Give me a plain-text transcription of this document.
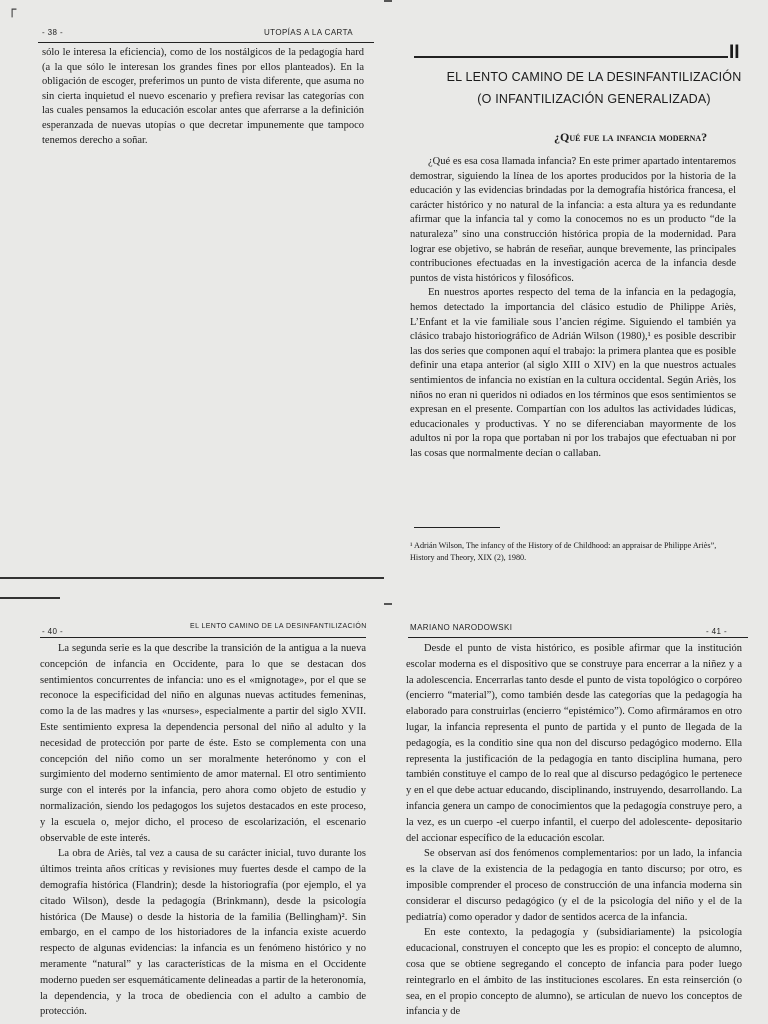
┌
- 38 -	UTOPÍAS A LA CARTA

sólo le interesa la eficiencia), como de los nostálgicos de la pedagogía hard (a la que sólo le interesan los grandes fines por ellos planteados). En la obligación de escoger, preferimos un punto de vista diferente, que asuma no sin cierta inquietud el nuevo escenario y prefiera revisar las categorías con las cuales pensamos la educación escolar antes que aferrarse a la definición esperanzada de nuevas utopías o que decretar impunemente que tampoco tenemos derecho a soñar.

II
EL LENTO CAMINO DE LA DESINFANTILIZACIÓN
(O INFANTILIZACIÓN GENERALIZADA)
¿Qué fue la infancia moderna?

¿Qué es esa cosa llamada infancia? En este primer apartado intentaremos demostrar, siguiendo la línea de los aportes producidos por la historia de la educación y las evidencias brindadas por la demografía histórica francesa, el carácter histórico y no natural de la infancia: a esta altura ya es redundante afirmar que la infancia tal y como la conocemos no es un producto “de la naturaleza” sino una construcción histórica propia de la modernidad. Para lograr ese objetivo, se habrán de reseñar, aunque brevemente, las principales contribuciones efectuadas en la investigación acerca de la infancia desde puntos de vista históricos y filosóficos.

En nuestros aportes respecto del tema de la infancia en la pedagogía, hemos detectado la importancia del clásico estudio de Philippe Ariès, L’Enfant et la vie familiale sous l’ancien régime. Siguiendo el también ya clásico trabajo historiográfico de Adrián Wilson (1980),¹ es posible describir las dos series que componen aquí el trabajo: la primera plantea que es posible definir una etapa anterior (al siglo XIII o XIV) en la que nuestros actuales sentimientos de infancia no existían en la cultura occidental. Según Ariès, los niños no eran ni queridos ni odiados en los términos que esos sentimientos se expresan en el presente. Compartían con los adultos las actividades lúdicas, educacionales y productivas. Y no se diferenciaban mayormente de los adultos ni por la ropa que portaban ni por los trabajos que efectuaban ni por las cosas que normalmente decían o callaban.

¹ Adrián Wilson, The infancy of the History of de Childhood: an appraisar de Philippe Ariès”, History and Theory, XIX (2), 1980.
- 40 -
EL LENTO CAMINO DE LA DESINFANTILIZACIÓN

La segunda serie es la que describe la transición de la antigua a la nueva concepción de infancia en Occidente, para lo que se destacan dos sentimientos concurrentes de infancia: uno es el «mignotage», por el que se reconoce la especificidad del niño en algunas nuevas actitudes femeninas, como la de las madres y las «nurses», especialmente a partir del siglo XVII. Este sentimiento expresa la dependencia personal del niño al adulto y la necesidad de protección por parte de éste. Esto se complementa con una concepción del niño como un ser moralmente heterónomo y con el surgimiento del moderno sentimiento de amor maternal. El otro sentimiento surge con el interés por la infancia, pero ahora como objeto de estudio y normalización, siendo los pedagogos los sujetos destacados en este proceso, y la escuela o, mejor dicho, el proceso de escolarización, el escenario observable de este interés.

La obra de Ariès, tal vez a causa de su carácter inicial, tuvo durante los últimos treinta años críticas y revisiones muy fuertes desde el campo de la demografía histórica (Flandrin); desde la historiografía (por ejemplo, el ya citado Wilson), desde la pedagogía (Brinkmann), desde la psicología histórica (De Mause) o desde la historia de la familia (Bellingham)². Sin embargo, en el campo de los historiadores de la infancia existe acuerdo respecto de algunas evidencias: la infancia es un fenómeno histórico y no meramente “natural” y las características de la misma en el Occidente moderno pueden ser esquemáticamente delineadas a partir de la heteronomía, la dependencia, y la troca de obediencia con el adulto a cambio de protección.

MARIANO NARODOWSKI	- 41 -

Desde el punto de vista histórico, es posible afirmar que la institución escolar moderna es el dispositivo que se construye para encerrar a la niñez y a la adolescencia. Encerrarlas tanto desde el punto de vista topológico o corpóreo (encierro “material”), como también desde las categorías que la pedagogía ha elaborado para construirlas (encierro “epistémico”). Como afirmáramos en otro lugar, la infancia representa el punto de partida y el punto de llegada de la pedagogía, es la conditio sine qua non del discurso pedagógico moderno. Ella representa la justificación de la pedagogía en tanto disciplina humana, pero también constituye el campo de lo real que al discurso pedagógico le pertenece y en el que debe actuar educando, disciplinando, instruyendo, desarrollando. La infancia genera un campo de conocimientos que la pedagogía construye pero, a la vez, es un cuerpo -el cuerpo infantil, el cuerpo del adolescente- depositario del accionar específico de la educación escolar.

Se observan así dos fenómenos complementarios: por un lado, la infancia es la clave de la existencia de la pedagogía en tanto discurso; por otro, es imposible comprender el proceso de construcción de una infancia moderna sin considerar el discurso pedagógico (y el de la psicología del niño y el de la pediatría) como operador y dador de sentidos acerca de la infancia.

En este contexto, la pedagogía y (subsidiariamente) la psicología educacional, construyen el concepto que les es propio: el concepto de alumno, cosa que se obtiene segregando el concepto de infancia para poder luego reintegrarlo en el ámbito de las instituciones escolares. En esta reinserción (o sea, en el propio concepto de alumno), se articulan de nuevo los conceptos de infancia y de
